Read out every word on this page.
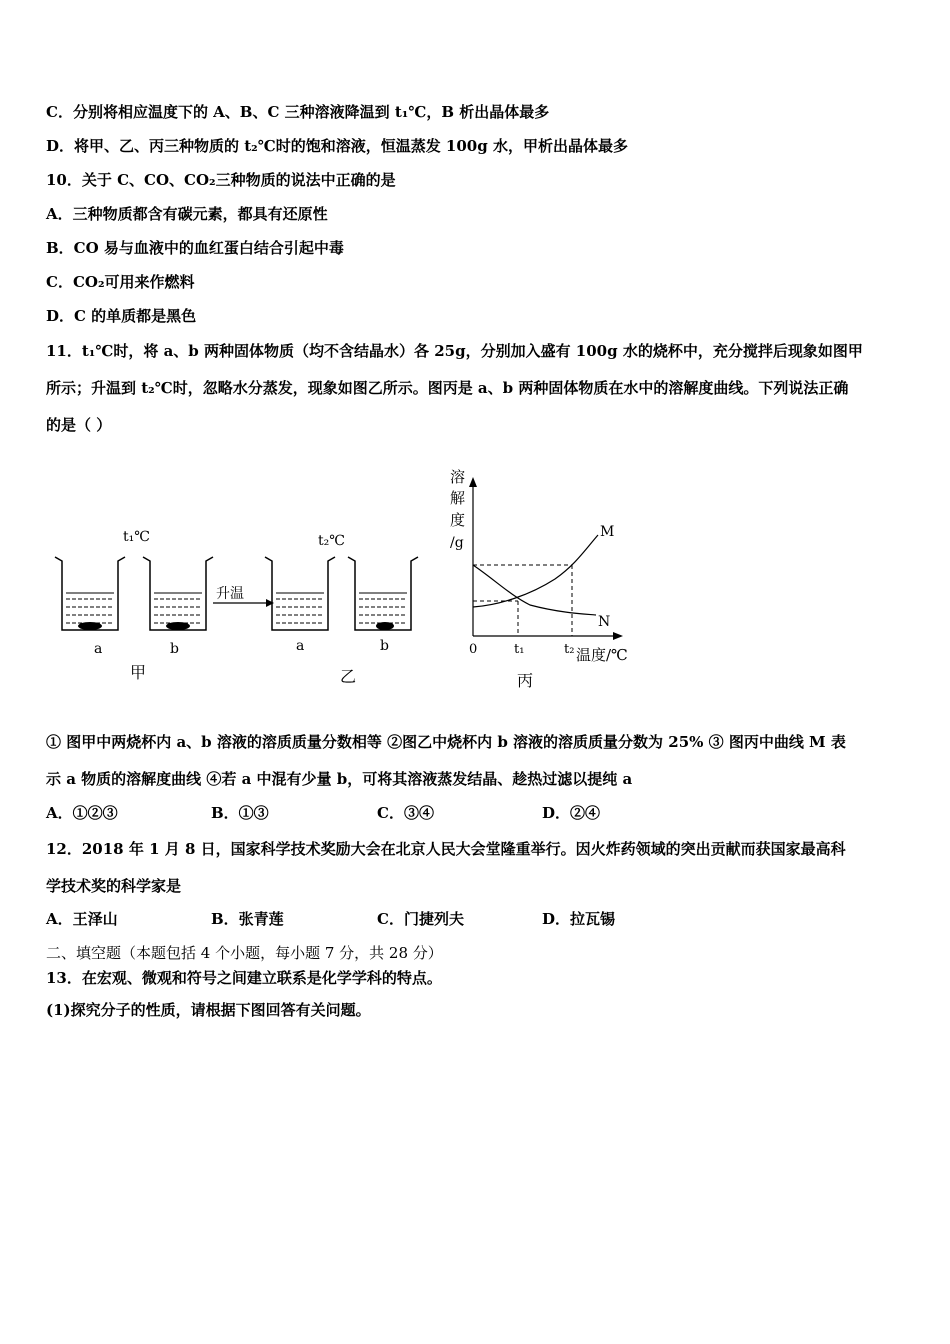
C．分别将相应温度下的 A、B、C 三种溶液降温到 t₁℃，B 析出晶体最多
D．将甲、乙、丙三种物质的 t₂℃时的饱和溶液，恒温蒸发 100g 水，甲析出晶体最多
10．关于 C、CO、CO₂三种物质的说法中正确的是
A．三种物质都含有碳元素，都具有还原性
B．CO 易与血液中的血红蛋白结合引起中毒
C．CO₂可用来作燃料
D．C 的单质都是黑色
11．t₁℃时，将 a、b 两种固体物质（均不含结晶水）各 25g，分别加入盛有 100g 水的烧杯中，充分搅拌后现象如图甲
所示；升温到 t₂℃时，忽略水分蒸发，现象如图乙所示。图丙是 a、b 两种固体物质在水中的溶解度曲线。下列说法正确
的是（ ）
t₁℃
a	b
甲
升温
t₂℃
a	b
乙
溶
解
度
/g
M
N
0	t₁	t₂ 温度/℃
丙
① 图甲中两烧杯内 a、b 溶液的溶质质量分数相等 ②图乙中烧杯内 b 溶液的溶质质量分数为 25% ③ 图丙中曲线 M 表
示 a 物质的溶解度曲线 ④若 a 中混有少量 b，可将其溶液蒸发结晶、趁热过滤以提纯 a
A．①②③	B．①③	C．③④	D．②④
12．2018 年 1 月 8 日，国家科学技术奖励大会在北京人民大会堂隆重举行。因火炸药领域的突出贡献而获国家最高科
学技术奖的科学家是
A．王泽山	B．张青莲	C．门捷列夫	D．拉瓦锡
二、填空题（本题包括 4 个小题，每小题 7 分，共 28 分）
13．在宏观、微观和符号之间建立联系是化学学科的特点。
(1)探究分子的性质，请根据下图回答有关问题。
